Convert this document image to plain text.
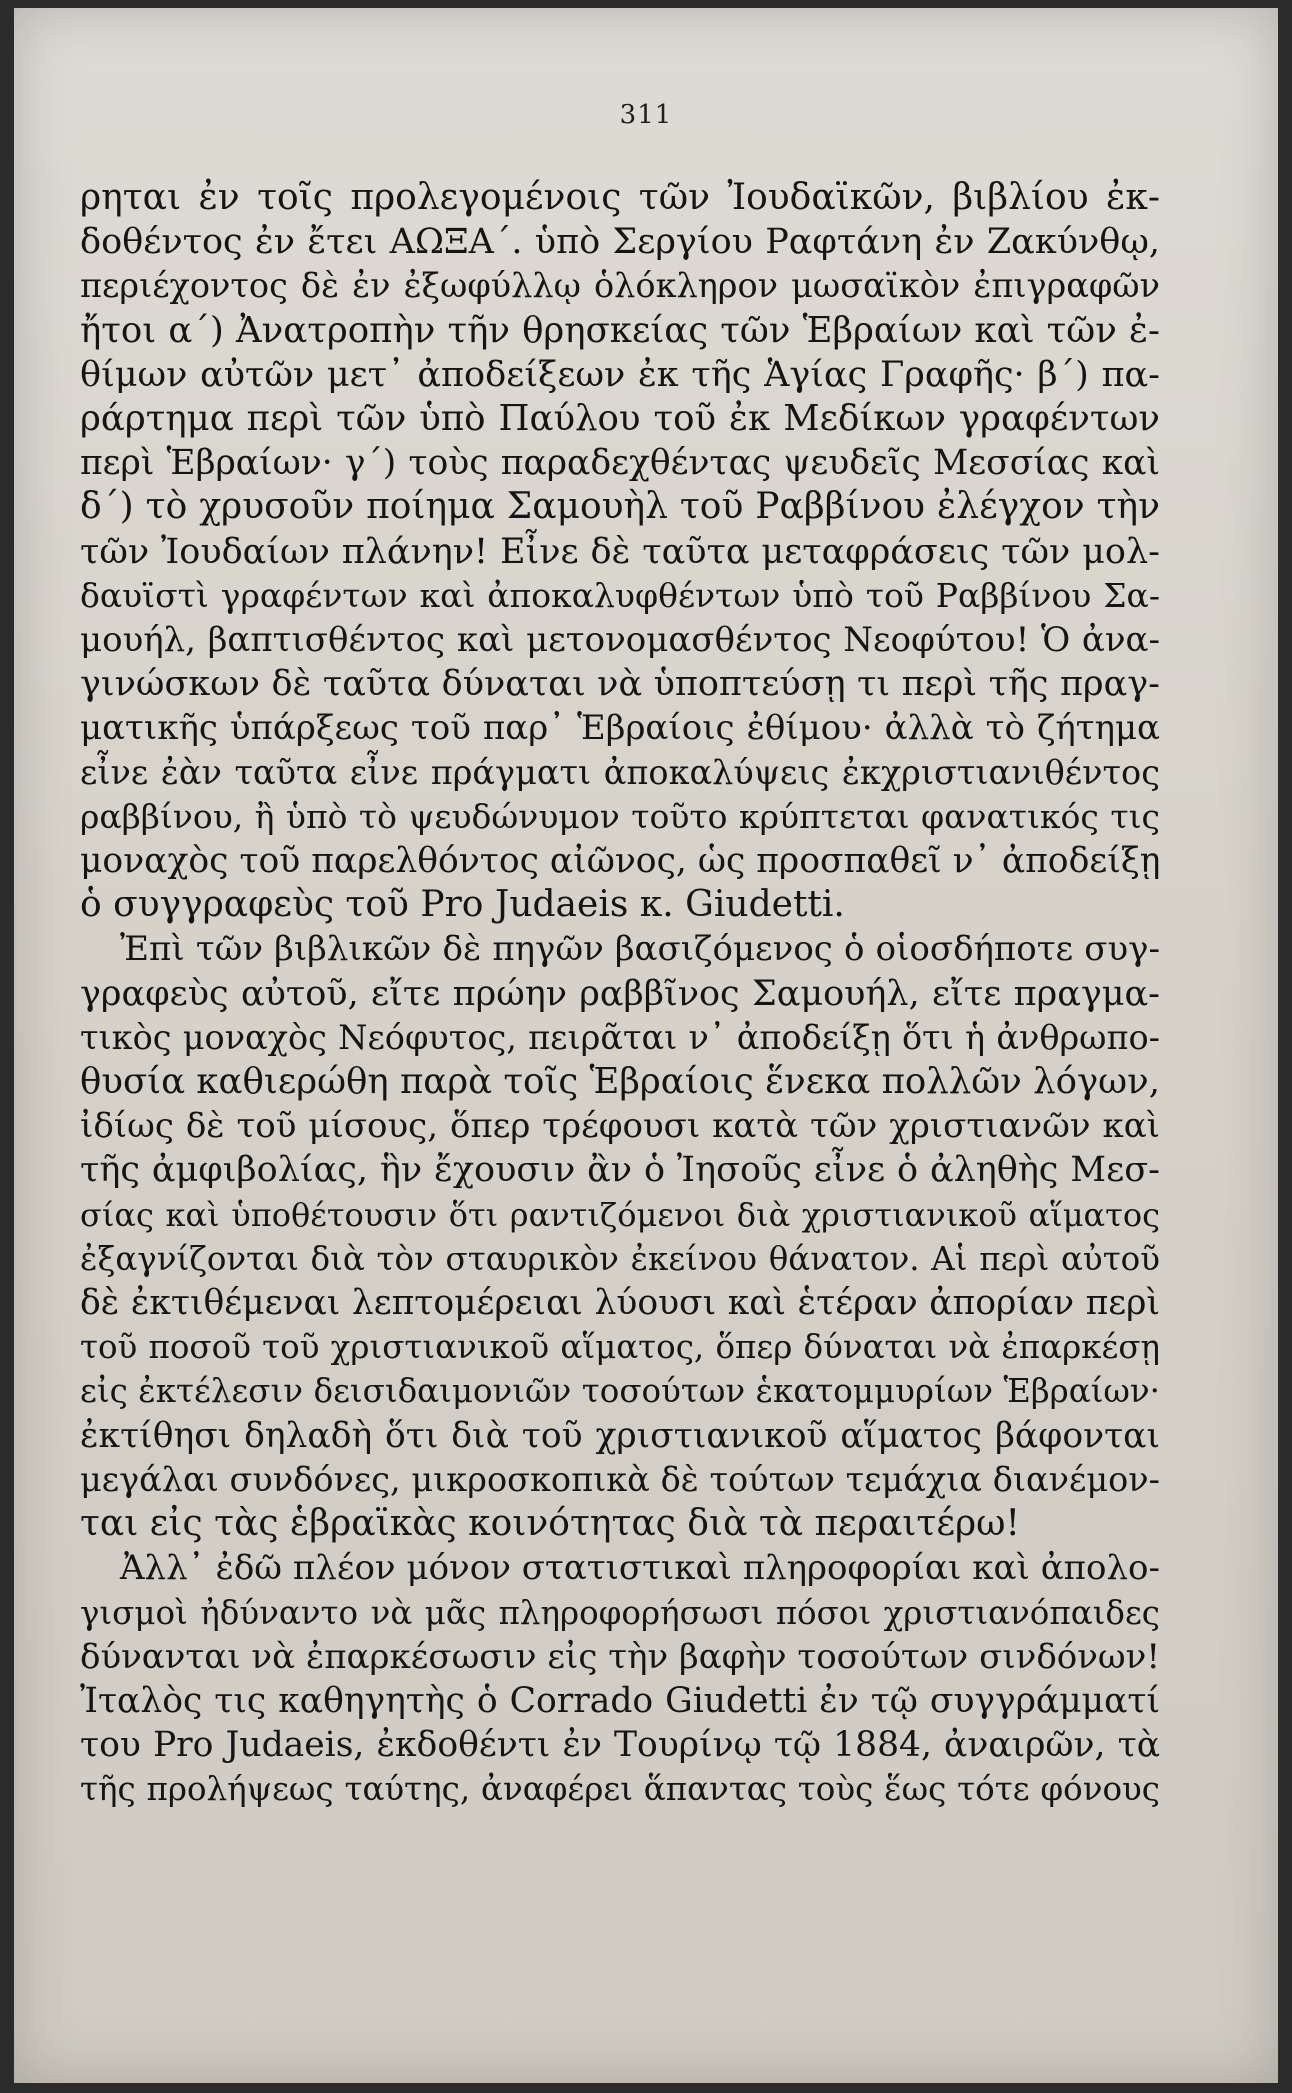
311
ρηται ἐν τοῖς προλεγομένοις τῶν Ἰουδαϊκῶν, βιβλίου ἐκ-
δοθέντος ἐν ἔτει ΑΩΞΑ΄. ὑπὸ Σεργίου Ραφτάνη ἐν Ζακύνθῳ,
περιέχοντος δὲ ἐν ἐξωφύλλῳ ὁλόκληρον μωσαϊκὸν ἐπιγραφῶν
ἤτοι α΄) Ἀνατροπὴν τῆν θρησκείας τῶν Ἑβραίων καὶ τῶν ἐ-
θίμων αὐτῶν μετ᾿ ἀποδείξεων ἐκ τῆς Ἁγίας Γραφῆς· β΄) πα-
ράρτημα περὶ τῶν ὑπὸ Παύλου τοῦ ἐκ Μεδίκων γραφέντων
περὶ Ἑβραίων· γ΄) τοὺς παραδεχθέντας ψευδεῖς Μεσσίας καὶ
δ΄) τὸ χρυσοῦν ποίημα Σαμουὴλ τοῦ Ραββίνου ἐλέγχον τὴν
τῶν Ἰουδαίων πλάνην! Εἶνε δὲ ταῦτα μεταφράσεις τῶν μολ-
δαυϊστὶ γραφέντων καὶ ἀποκαλυφθέντων ὑπὸ τοῦ Ραββίνου Σα-
μουήλ, βαπτισθέντος καὶ μετονομασθέντος Νεοφύτου! Ὁ ἀνα-
γινώσκων δὲ ταῦτα δύναται νὰ ὑποπτεύσῃ τι περὶ τῆς πραγ-
ματικῆς ὑπάρξεως τοῦ παρ᾿ Ἑβραίοις ἐθίμου· ἀλλὰ τὸ ζήτημα
εἶνε ἐὰν ταῦτα εἶνε πράγματι ἀποκαλύψεις ἐκχριστιανιθέντος
ραββίνου, ἢ ὑπὸ τὸ ψευδώνυμον τοῦτο κρύπτεται φανατικός τις
μοναχὸς τοῦ παρελθόντος αἰῶνος, ὡς προσπαθεῖ ν᾿ ἀποδείξῃ
ὁ συγγραφεὺς τοῦ Pro Judaeis κ. Giudetti.
Ἐπὶ τῶν βιβλικῶν δὲ πηγῶν βασιζόμενος ὁ οἱοσδήποτε συγ-
γραφεὺς αὐτοῦ, εἴτε πρώην ραββῖνος Σαμουήλ, εἴτε πραγμα-
τικὸς μοναχὸς Νεόφυτος, πειρᾶται ν᾿ ἀποδείξῃ ὅτι ἡ ἀνθρωπο-
θυσία καθιερώθη παρὰ τοῖς Ἑβραίοις ἕνεκα πολλῶν λόγων,
ἰδίως δὲ τοῦ μίσους, ὅπερ τρέφουσι κατὰ τῶν χριστιανῶν καὶ
τῆς ἀμφιβολίας, ἣν ἔχουσιν ἂν ὁ Ἰησοῦς εἶνε ὁ ἀληθὴς Μεσ-
σίας καὶ ὑποθέτουσιν ὅτι ραντιζόμενοι διὰ χριστιανικοῦ αἵματος
ἐξαγνίζονται διὰ τὸν σταυρικὸν ἐκείνου θάνατον. Αἱ περὶ αὐτοῦ
δὲ ἐκτιθέμεναι λεπτομέρειαι λύουσι καὶ ἑτέραν ἀπορίαν περὶ
τοῦ ποσοῦ τοῦ χριστιανικοῦ αἵματος, ὅπερ δύναται νὰ ἐπαρκέσῃ
εἰς ἐκτέλεσιν δεισιδαιμονιῶν τοσούτων ἑκατομμυρίων Ἑβραίων·
ἐκτίθησι δηλαδὴ ὅτι διὰ τοῦ χριστιανικοῦ αἵματος βάφονται
μεγάλαι συνδόνες, μικροσκοπικὰ δὲ τούτων τεμάχια διανέμον-
ται εἰς τὰς ἑβραϊκὰς κοινότητας διὰ τὰ περαιτέρω!
Ἀλλ᾿ ἐδῶ πλέον μόνον στατιστικαὶ πληροφορίαι καὶ ἀπολο-
γισμοὶ ἠδύναντο νὰ μᾶς πληροφορήσωσι πόσοι χριστιανόπαιδες
δύνανται νὰ ἐπαρκέσωσιν εἰς τὴν βαφὴν τοσούτων σινδόνων!
Ἰταλὸς τις καθηγητὴς ὁ Corrado Giudetti ἐν τῷ συγγράμματί
του Pro Judaeis, ἐκδοθέντι ἐν Τουρίνῳ τῷ 1884, ἀναιρῶν, τὰ
τῆς προλήψεως ταύτης, ἀναφέρει ἅπαντας τοὺς ἕως τότε φόνους
